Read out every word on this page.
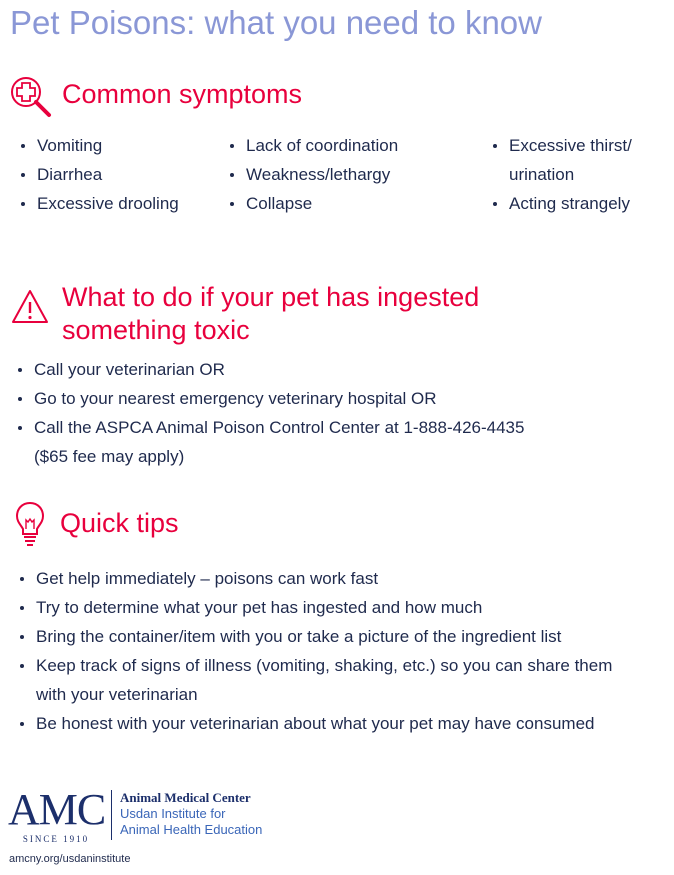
Pet Poisons: what you need to know
Common symptoms
Vomiting
Diarrhea
Excessive drooling
Lack of coordination
Weakness/lethargy
Collapse
Excessive thirst/
urination
Acting strangely
What to do if your pet has ingested
something toxic
Call your veterinarian OR
Go to your nearest emergency veterinary hospital OR
Call the ASPCA Animal Poison Control Center at 1-888-426-4435
($65 fee may apply)
Quick tips
Get help immediately – poisons can work fast
Try to determine what your pet has ingested and how much
Bring the container/item with you or take a picture of the ingredient list
Keep track of signs of illness (vomiting, shaking, etc.) so you can share them
with your veterinarian
Be honest with your veterinarian about what your pet may have consumed
AMC
SINCE 1910
Animal Medical Center
Usdan Institute for
Animal Health Education
amcny.org/usdaninstitute
